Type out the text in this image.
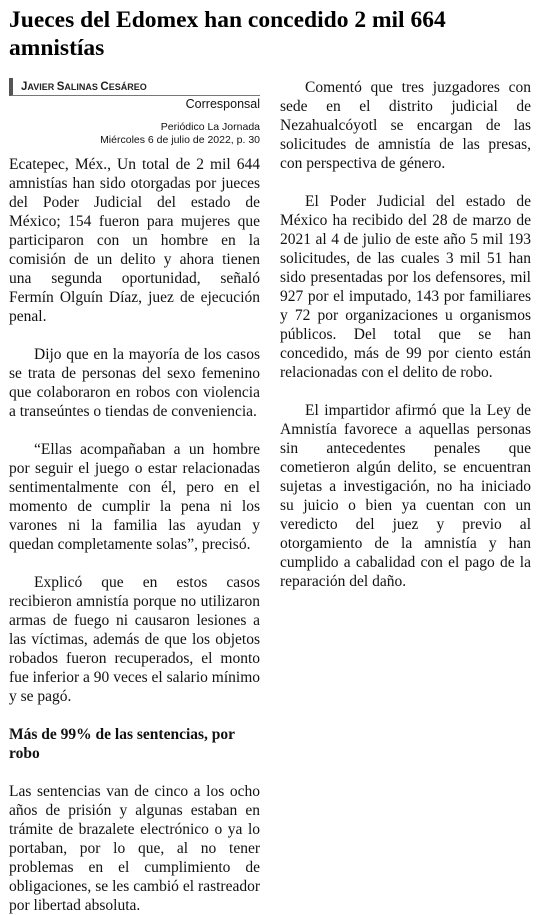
Jueces del Edomex han concedido 2 mil 664 amnistías
JAVIER SALINAS CESÁREO
Corresponsal
Periódico La Jornada
Miércoles 6 de julio de 2022, p. 30

Ecatepec, Méx., Un total de 2 mil 644 amnistías han sido otorgadas por jueces del Poder Judicial del estado de México; 154 fueron para mujeres que participaron con un hombre en la comisión de un delito y ahora tienen una segunda oportunidad, señaló Fermín Olguín Díaz, juez de ejecución penal.

Dijo que en la mayoría de los casos se trata de personas del sexo femenino que colaboraron en robos con violencia a transeúntes o tiendas de conveniencia.

“Ellas acompañaban a un hombre por seguir el juego o estar relacionadas sentimentalmente con él, pero en el momento de cumplir la pena ni los varones ni la familia las ayudan y quedan completamente solas”, precisó.

Explicó que en estos casos recibieron amnistía porque no utilizaron armas de fuego ni causaron lesiones a las víctimas, además de que los objetos robados fueron recuperados, el monto fue inferior a 90 veces el salario mínimo y se pagó.

Más de 99% de las sentencias, por robo

Las sentencias van de cinco a los ocho años de prisión y algunas estaban en trámite de brazalete electrónico o ya lo portaban, por lo que, al no tener problemas en el cumplimiento de obligaciones, se les cambió el rastreador por libertad absoluta.

Comentó que tres juzgadores con sede en el distrito judicial de Nezahualcóyotl se encargan de las solicitudes de amnistía de las presas, con perspectiva de género.

El Poder Judicial del estado de México ha recibido del 28 de marzo de 2021 al 4 de julio de este año 5 mil 193 solicitudes, de las cuales 3 mil 51 han sido presentadas por los defensores, mil 927 por el imputado, 143 por familiares y 72 por organizaciones u organismos públicos. Del total que se han concedido, más de 99 por ciento están relacionadas con el delito de robo.

El impartidor afirmó que la Ley de Amnistía favorece a aquellas personas sin antecedentes penales que cometieron algún delito, se encuentran sujetas a investigación, no ha iniciado su juicio o bien ya cuentan con un veredicto del juez y previo al otorgamiento de la amnistía y han cumplido a cabalidad con el pago de la reparación del daño.
